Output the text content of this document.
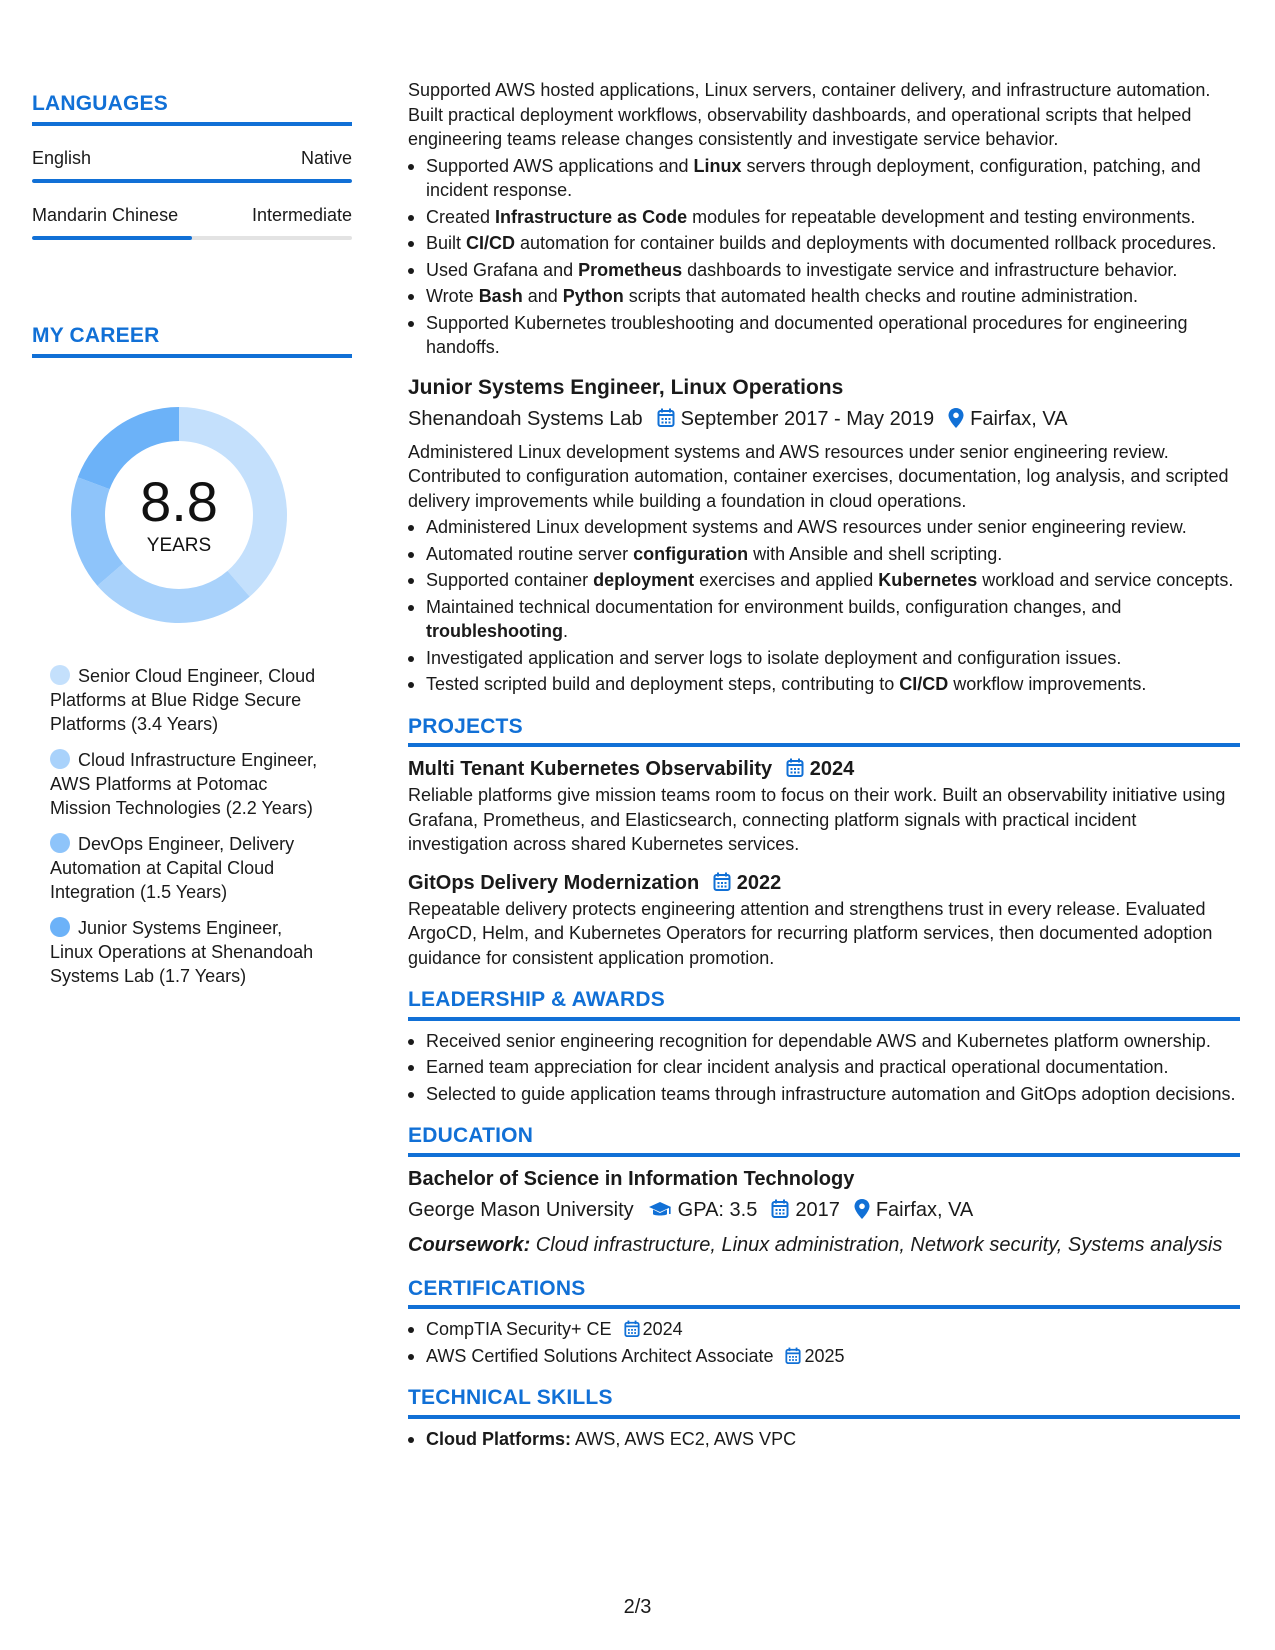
LANGUAGES
English	Native
Mandarin Chinese	Intermediate
MY CAREER
8.8
YEARS
Senior Cloud Engineer, Cloud Platforms at Blue Ridge Secure Platforms (3.4 Years)
Cloud Infrastructure Engineer, AWS Platforms at Potomac Mission Technologies (2.2 Years)
DevOps Engineer, Delivery Automation at Capital Cloud Integration (1.5 Years)
Junior Systems Engineer, Linux Operations at Shenandoah Systems Lab (1.7 Years)

Supported AWS hosted applications, Linux servers, container delivery, and infrastructure automation. Built practical deployment workflows, observability dashboards, and operational scripts that helped engineering teams release changes consistently and investigate service behavior.

Supported AWS applications and Linux servers through deployment, configuration, patching, and incident response.
Created Infrastructure as Code modules for repeatable development and testing environments.
Built CI/CD automation for container builds and deployments with documented rollback procedures.
Used Grafana and Prometheus dashboards to investigate service and infrastructure behavior.
Wrote Bash and Python scripts that automated health checks and routine administration.
Supported Kubernetes troubleshooting and documented operational procedures for engineering handoffs.
Junior Systems Engineer, Linux Operations
Shenandoah Systems Lab September 2017 - May 2019 Fairfax, VA

Administered Linux development systems and AWS resources under senior engineering review. Contributed to configuration automation, container exercises, documentation, log analysis, and scripted delivery improvements while building a foundation in cloud operations.

Administered Linux development systems and AWS resources under senior engineering review.
Automated routine server configuration with Ansible and shell scripting.
Supported container deployment exercises and applied Kubernetes workload and service concepts.
Maintained technical documentation for environment builds, configuration changes, and troubleshooting.
Investigated application and server logs to isolate deployment and configuration issues.
Tested scripted build and deployment steps, contributing to CI/CD workflow improvements.
PROJECTS
Multi Tenant Kubernetes Observability 2024

Reliable platforms give mission teams room to focus on their work. Built an observability initiative using Grafana, Prometheus, and Elasticsearch, connecting platform signals with practical incident investigation across shared Kubernetes services.

GitOps Delivery Modernization 2022

Repeatable delivery protects engineering attention and strengthens trust in every release. Evaluated ArgoCD, Helm, and Kubernetes Operators for recurring platform services, then documented adoption guidance for consistent application promotion.

LEADERSHIP & AWARDS
Received senior engineering recognition for dependable AWS and Kubernetes platform ownership.
Earned team appreciation for clear incident analysis and practical operational documentation.
Selected to guide application teams through infrastructure automation and GitOps adoption decisions.
EDUCATION
Bachelor of Science in Information Technology
George Mason University GPA: 3.5 2017 Fairfax, VA
Coursework: Cloud infrastructure, Linux administration, Network security, Systems analysis
CERTIFICATIONS
CompTIA Security+ CE 2024
AWS Certified Solutions Architect Associate 2025
TECHNICAL SKILLS
Cloud Platforms: AWS, AWS EC2, AWS VPC
2/3
